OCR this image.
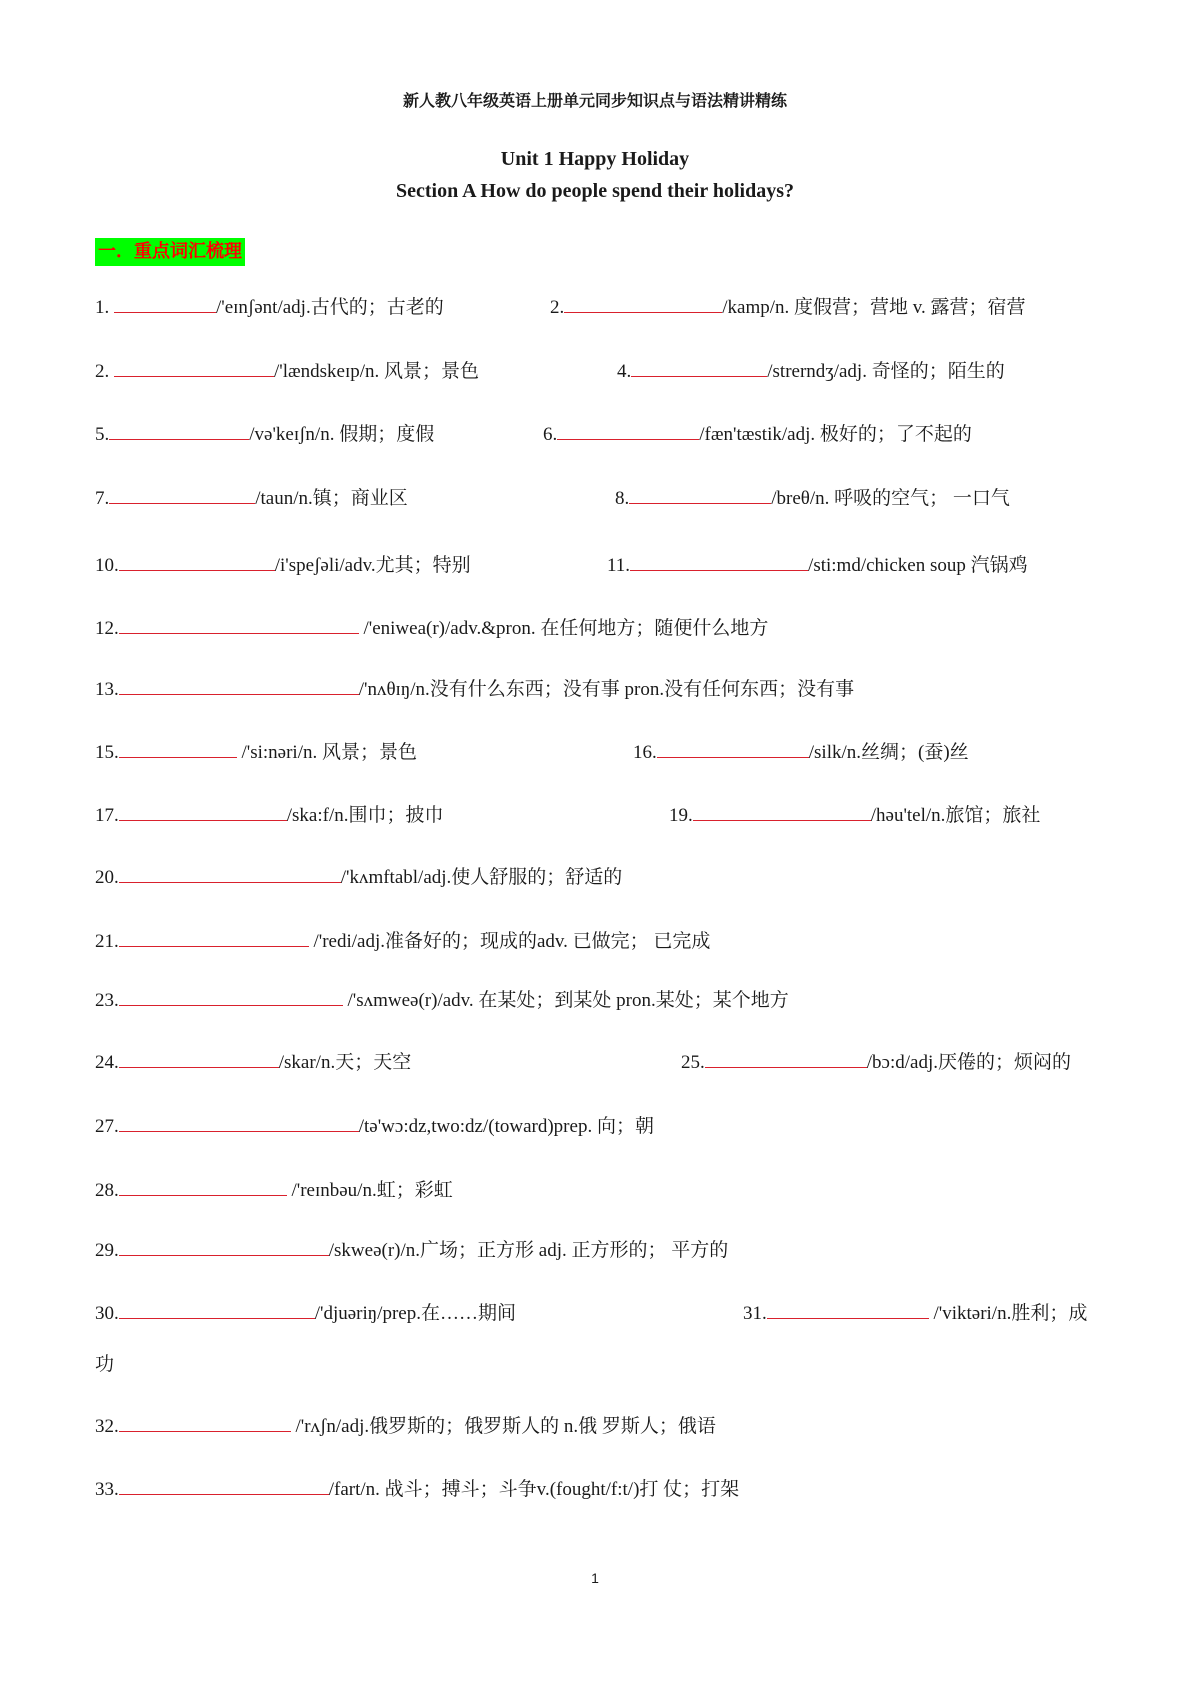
新人教八年级英语上册单元同步知识点与语法精讲精练
Unit 1 Happy Holiday
Section A How do people spend their holidays?
一．重点词汇梳理
1.	/'eɪnʃənt/adj.古代的；古老的	2.	/kamp/n. 度假营；营地 v. 露营；宿营
2.	/'lændskeɪp/n. 风景；景色	4.	/strerndʒ/adj. 奇怪的；陌生的
5.	/və'keɪʃn/n. 假期；度假	6.	/fæn'tæstik/adj. 极好的；了不起的
7.	/taun/n.镇；商业区	8.	/breθ/n. 呼吸的空气； 一口气
10.	/i'speʃəli/adv.尤其；特别	11.	/sti:md/chicken soup 汽锅鸡
12.	/'eniwea(r)/adv.&pron. 在任何地方；随便什么地方
13.	/'nʌθɪŋ/n.没有什么东西；没有事 pron.没有任何东西；没有事
15.	/'si:nəri/n. 风景；景色	16.	/silk/n.丝绸；(蚕)丝
17.	/ska:f/n.围巾；披巾	19.	/həu'tel/n.旅馆；旅社
20.	/'kʌmftabl/adj.使人舒服的；舒适的
21.	/'redi/adj.准备好的；现成的adv. 已做完； 已完成
23.	/'sʌmweə(r)/adv. 在某处；到某处 pron.某处；某个地方
24.	/skar/n.天；天空	25.	/bɔ:d/adj.厌倦的；烦闷的
27.	/tə'wɔ:dz,two:dz/(toward)prep. 向；朝
28.	/'reɪnbəu/n.虹；彩虹
29.	/skweə(r)/n.广场；正方形 adj. 正方形的； 平方的
30.	/'djuəriŋ/prep.在……期间	31.	/'viktəri/n.胜利；成
功
32.	/'rʌʃn/adj.俄罗斯的；俄罗斯人的 n.俄 罗斯人；俄语
33.	/fart/n. 战斗；搏斗；斗争v.(fought/f:t/)打 仗；打架
1
